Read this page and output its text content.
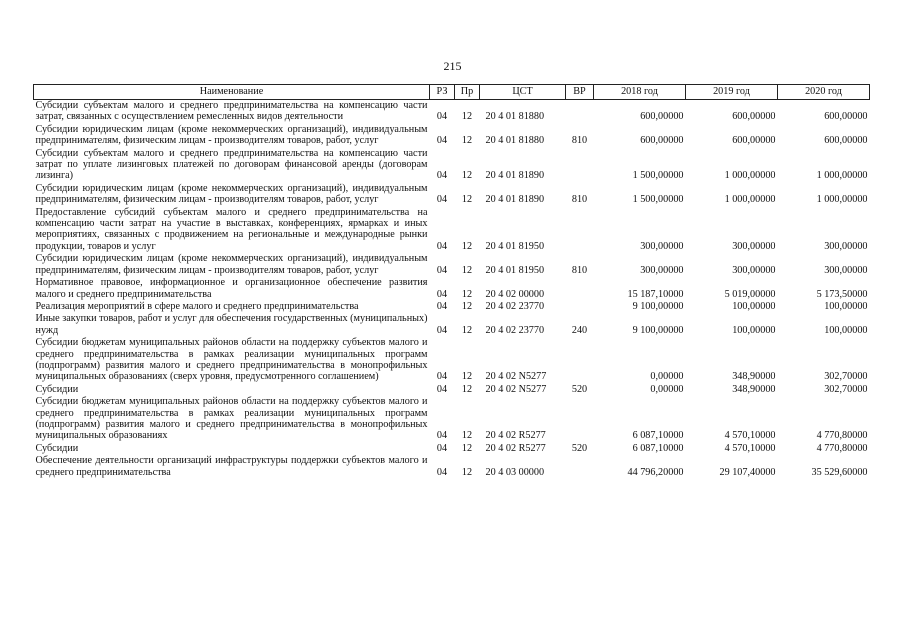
215
Наименование	РЗ	Пр	ЦСТ	ВР	2018 год	2019 год	2020 год
Субсидии субъектам малого и среднего предпринимательства на компенсацию части затрат, связанных с осуществлением ремесленных видов деятельности	04	12	20 4 01 81880		600,00000	600,00000	600,00000
Субсидии юридическим лицам (кроме некоммерческих организаций), индивидуальным предпринимателям, физическим лицам - производителям товаров, работ, услуг	04	12	20 4 01 81880	810	600,00000	600,00000	600,00000
Субсидии субъектам малого и среднего предпринимательства на компенсацию части затрат по уплате лизинговых платежей по договорам финансовой аренды (договорам лизинга)	04	12	20 4 01 81890		1 500,00000	1 000,00000	1 000,00000
Субсидии юридическим лицам (кроме некоммерческих организаций), индивидуальным предпринимателям, физическим лицам - производителям товаров, работ, услуг	04	12	20 4 01 81890	810	1 500,00000	1 000,00000	1 000,00000
Предоставление субсидий субъектам малого и среднего предпринимательства на компенсацию части затрат на участие в выставках, конференциях, ярмарках и иных мероприятиях, связанных с продвижением на региональные и международные рынки продукции, товаров и услуг	04	12	20 4 01 81950		300,00000	300,00000	300,00000
Субсидии юридическим лицам (кроме некоммерческих организаций), индивидуальным предпринимателям, физическим лицам - производителям товаров, работ, услуг	04	12	20 4 01 81950	810	300,00000	300,00000	300,00000
Нормативное правовое, информационное и организационное обеспечение развития малого и среднего предпринимательства	04	12	20 4 02 00000		15 187,10000	5 019,00000	5 173,50000
Реализация мероприятий в сфере малого и среднего предпринимательства	04	12	20 4 02 23770		9 100,00000	100,00000	100,00000
Иные закупки товаров, работ и услуг для обеспечения государственных (муниципальных) нужд	04	12	20 4 02 23770	240	9 100,00000	100,00000	100,00000
Субсидии бюджетам муниципальных районов области на поддержку субъектов малого и среднего предпринимательства в рамках реализации муниципальных программ (подпрограмм) развития малого и среднего предпринимательства в монопрофильных муниципальных образованиях (сверх уровня, предусмотренного соглашением)	04	12	20 4 02 N5277		0,00000	348,90000	302,70000
Субсидии	04	12	20 4 02 N5277	520	0,00000	348,90000	302,70000
Субсидии бюджетам муниципальных районов области на поддержку субъектов малого и среднего предпринимательства в рамках реализации муниципальных программ (подпрограмм) развития малого и среднего предпринимательства в монопрофильных муниципальных образованиях	04	12	20 4 02 R5277		6 087,10000	4 570,10000	4 770,80000
Субсидии	04	12	20 4 02 R5277	520	6 087,10000	4 570,10000	4 770,80000
Обеспечение деятельности организаций инфраструктуры поддержки субъектов малого и среднего предпринимательства	04	12	20 4 03 00000		44 796,20000	29 107,40000	35 529,60000
